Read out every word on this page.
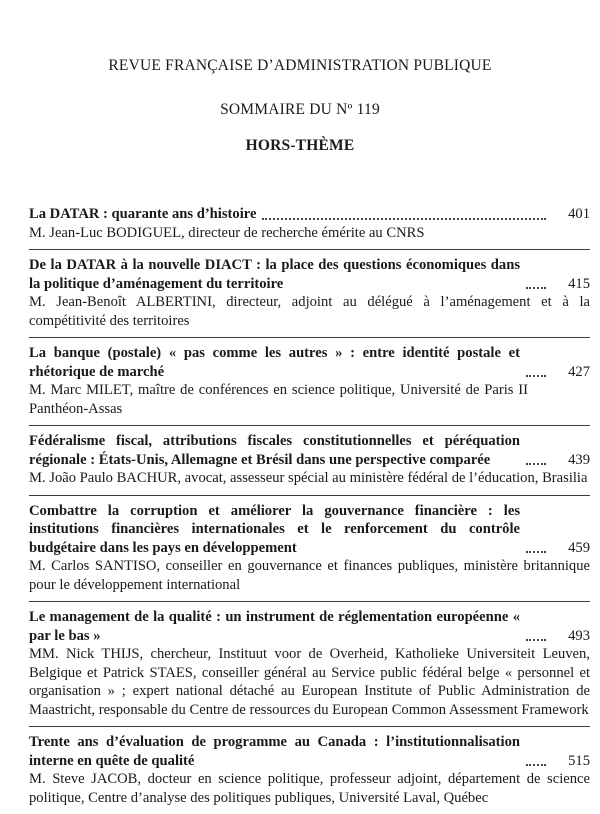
REVUE FRANÇAISE D’ADMINISTRATION PUBLIQUE
SOMMAIRE DU Nº 119
HORS-THÈME
La DATAR : quarante ans d’histoire	401
M. Jean-Luc BODIGUEL, directeur de recherche émérite au CNRS
De la DATAR à la nouvelle DIACT : la place des questions économiques dans la politique d’aménagement du territoire	415
M. Jean-Benoît ALBERTINI, directeur, adjoint au délégué à l’aménagement et à la compétitivité des territoires
La banque (postale) « pas comme les autres » : entre identité postale et rhétorique de marché	427
M. Marc MILET, maître de conférences en science politique, Université de Paris II Panthéon-Assas
Fédéralisme fiscal, attributions fiscales constitutionnelles et péréquation régionale : États-Unis, Allemagne et Brésil dans une perspective comparée	439
M. João Paulo BACHUR, avocat, assesseur spécial au ministère fédéral de l’éducation, Brasilia
Combattre la corruption et améliorer la gouvernance financière : les institutions financières internationales et le renforcement du contrôle budgétaire dans les pays en développement	459
M. Carlos SANTISO, conseiller en gouvernance et finances publiques, ministère britannique pour le développement international
Le management de la qualité : un instrument de réglementation européenne « par le bas »	493
MM. Nick THIJS, chercheur, Instituut voor de Overheid, Katholieke Universiteit Leuven, Belgique et Patrick STAES, conseiller général au Service public fédéral belge « personnel et organisation » ; expert national détaché au European Institute of Public Administration de Maastricht, responsable du Centre de ressources du European Common Assessment Framework
Trente ans d’évaluation de programme au Canada : l’institutionnalisation interne en quête de qualité	515
M. Steve JACOB, docteur en science politique, professeur adjoint, département de science politique, Centre d’analyse des politiques publiques, Université Laval, Québec
